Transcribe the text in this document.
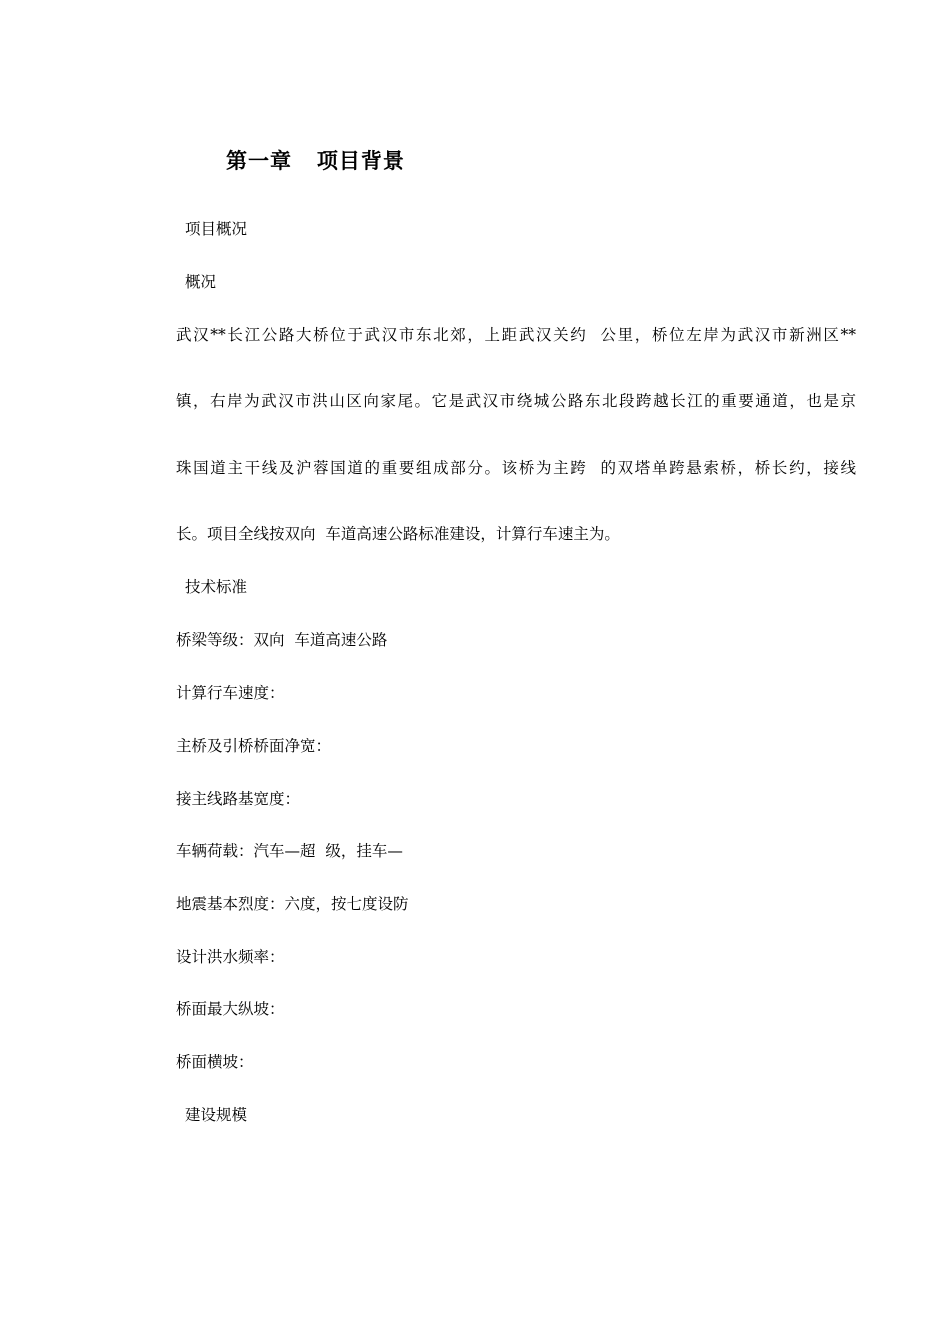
第一章   项目背景
项目概况
概况
武汉**长江公路大桥位于武汉市东北郊，上距武汉关约  公里，桥位左岸为武汉市新洲区**
镇，右岸为武汉市洪山区向家尾。它是武汉市绕城公路东北段跨越长江的重要通道，也是京
珠国道主干线及沪蓉国道的重要组成部分。该桥为主跨  的双塔单跨悬索桥，桥长约，接线
长。项目全线按双向  车道高速公路标准建设，计算行车速主为。
技术标准
桥梁等级：双向  车道高速公路
计算行车速度：
主桥及引桥桥面净宽：
接主线路基宽度：
车辆荷载：汽车—超  级，挂车—
地震基本烈度：六度，按七度设防
设计洪水频率：
桥面最大纵坡：
桥面横坡：
建设规模
